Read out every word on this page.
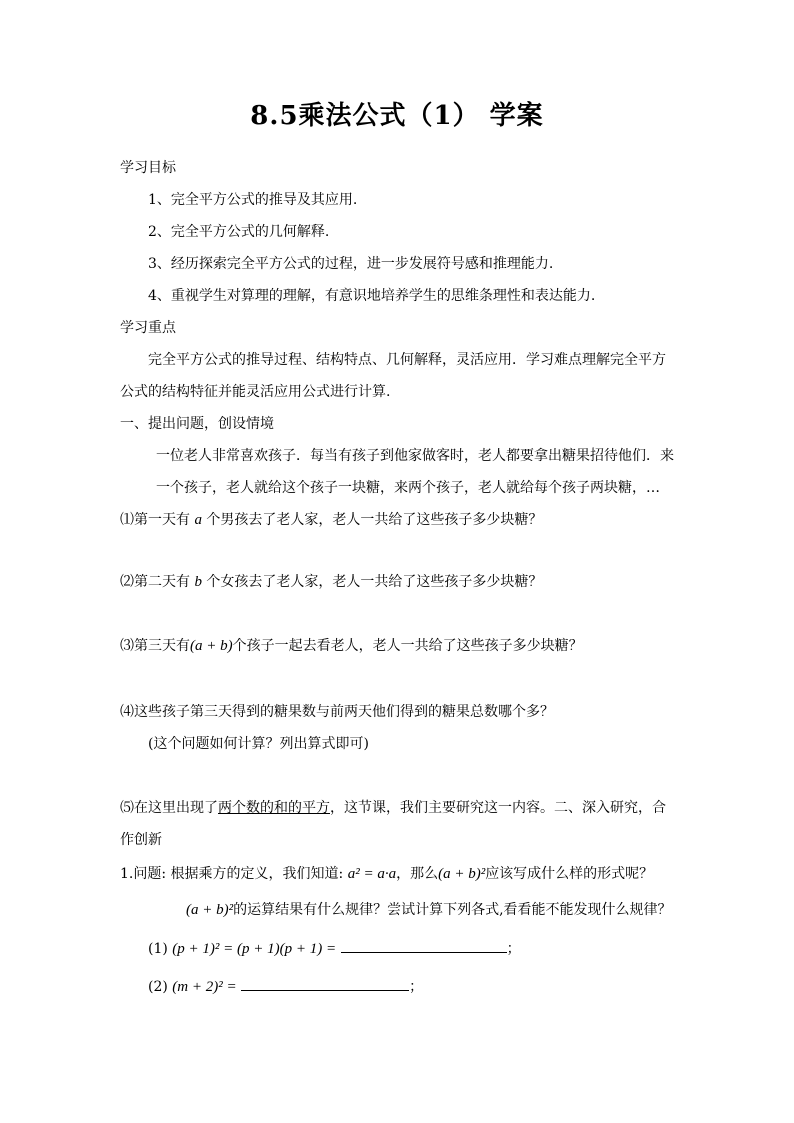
8.5乘法公式（1） 学案
学习目标
1、完全平方公式的推导及其应用.
2、完全平方公式的几何解释.
3、经历探索完全平方公式的过程，进一步发展符号感和推理能力.
4、重视学生对算理的理解，有意识地培养学生的思维条理性和表达能力.
学习重点
完全平方公式的推导过程、结构特点、几何解释，灵活应用．学习难点理解完全平方
公式的结构特征并能灵活应用公式进行计算.
一、提出问题，创设情境
一位老人非常喜欢孩子．每当有孩子到他家做客时，老人都要拿出糖果招待他们．来
一个孩子，老人就给这个孩子一块糖，来两个孩子，老人就给每个孩子两块糖，…
⑴第一天有 a 个男孩去了老人家，老人一共给了这些孩子多少块糖？
⑵第二天有 b 个女孩去了老人家，老人一共给了这些孩子多少块糖？
⑶第三天有(a + b)个孩子一起去看老人，老人一共给了这些孩子多少块糖？
⑷这些孩子第三天得到的糖果数与前两天他们得到的糖果总数哪个多？
(这个问题如何计算？列出算式即可)
⑸在这里出现了两个数的和的平方，这节课，我们主要研究这一内容。二、深入研究，合
作创新
1.问题: 根据乘方的定义，我们知道: a² = a·a，那么(a + b)²应该写成什么样的形式呢？
(a + b)²的运算结果有什么规律？尝试计算下列各式,看看能不能发现什么规律？
(1) (p + 1)² = (p + 1)(p + 1) =	；
(2) (m + 2)² =	；
